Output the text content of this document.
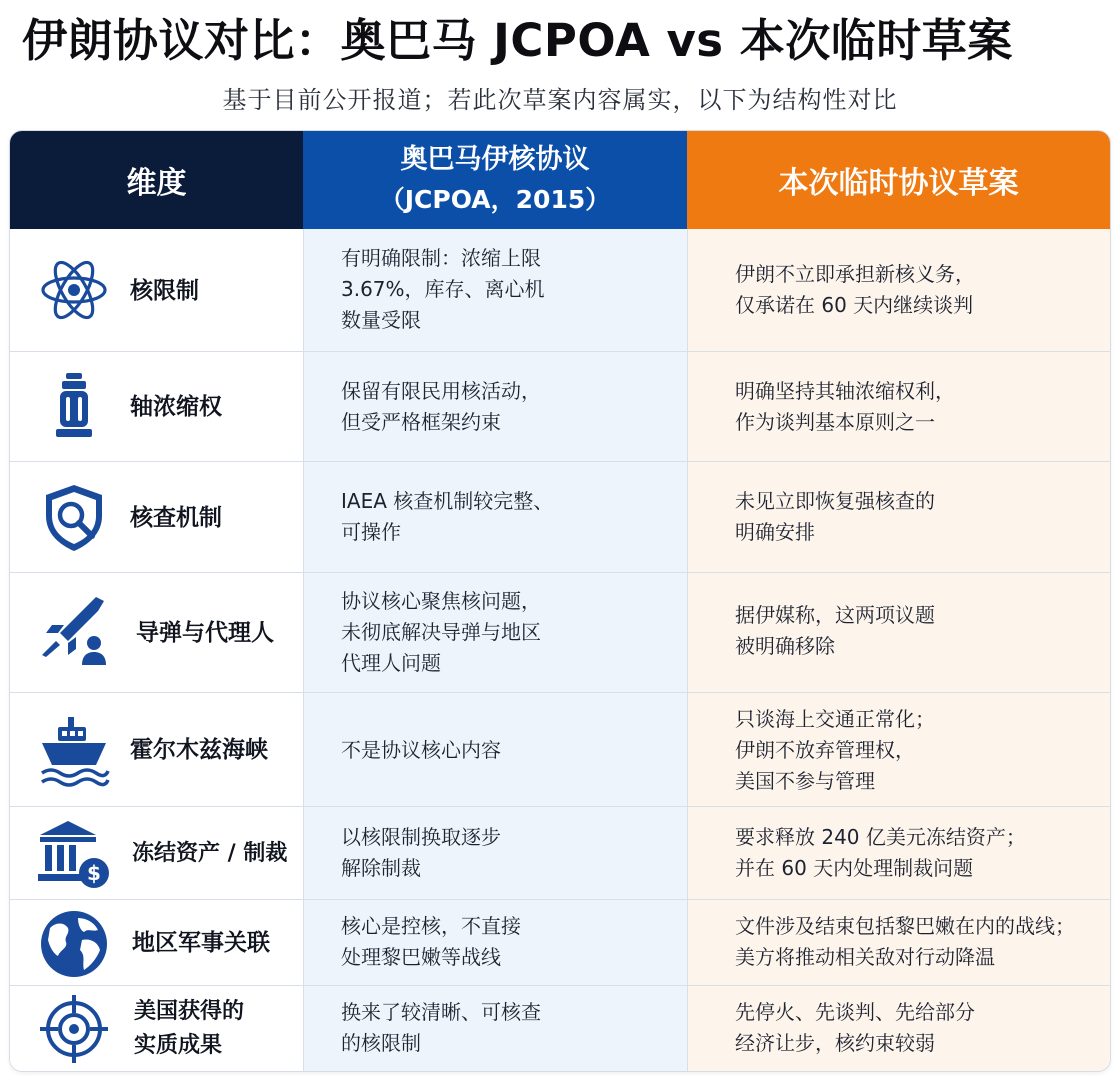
伊朗协议对比：奥巴马 JCPOA vs 本次临时草案
基于目前公开报道；若此次草案内容属实，以下为结构性对比
维度
奥巴马伊核协议
（JCPOA，2015）	本次临时协议草案
核限制
有明确限制：浓缩上限
3.67%，库存、离心机
数量受限
伊朗不立即承担新核义务，
仅承诺在 60 天内继续谈判
轴浓缩权
保留有限民用核活动，
但受严格框架约束
明确坚持其轴浓缩权利，
作为谈判基本原则之一
核查机制
IAEA 核查机制较完整、
可操作
未见立即恢复强核查的
明确安排
导弹与代理人
协议核心聚焦核问题，
未彻底解决导弹与地区
代理人问题
据伊媒称，这两项议题
被明确移除
霍尔木兹海峡	不是协议核心内容
只谈海上交通正常化；
伊朗不放弃管理权，
美国不参与管理
$
冻结资产 / 制裁
以核限制换取逐步
解除制裁
要求释放 240 亿美元冻结资产；
并在 60 天内处理制裁问题
地区军事关联
核心是控核，不直接
处理黎巴嫩等战线
文件涉及结束包括黎巴嫩在内的战线；
美方将推动相关敌对行动降温
美国获得的
实质成果
换来了较清晰、可核查
的核限制
先停火、先谈判、先给部分
经济让步，核约束较弱
